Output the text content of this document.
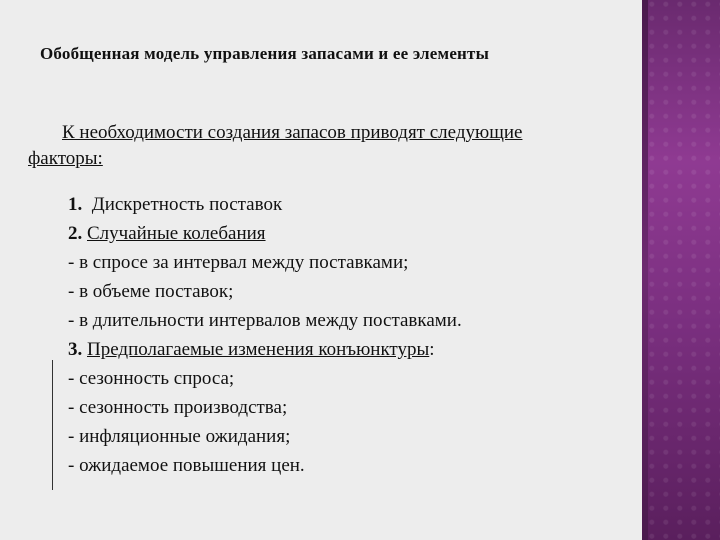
Обобщенная модель управления запасами и ее элементы
К необходимости создания запасов приводят следующие
факторы:
1. Дискретность поставок
2. Случайные колебания
- в спросе за интервал между поставками;
- в объеме поставок;
- в длительности интервалов между поставками.
3. Предполагаемые изменения конъюнктуры:
- сезонность спроса;
- сезонность производства;
- инфляционные ожидания;
- ожидаемое повышения цен.
